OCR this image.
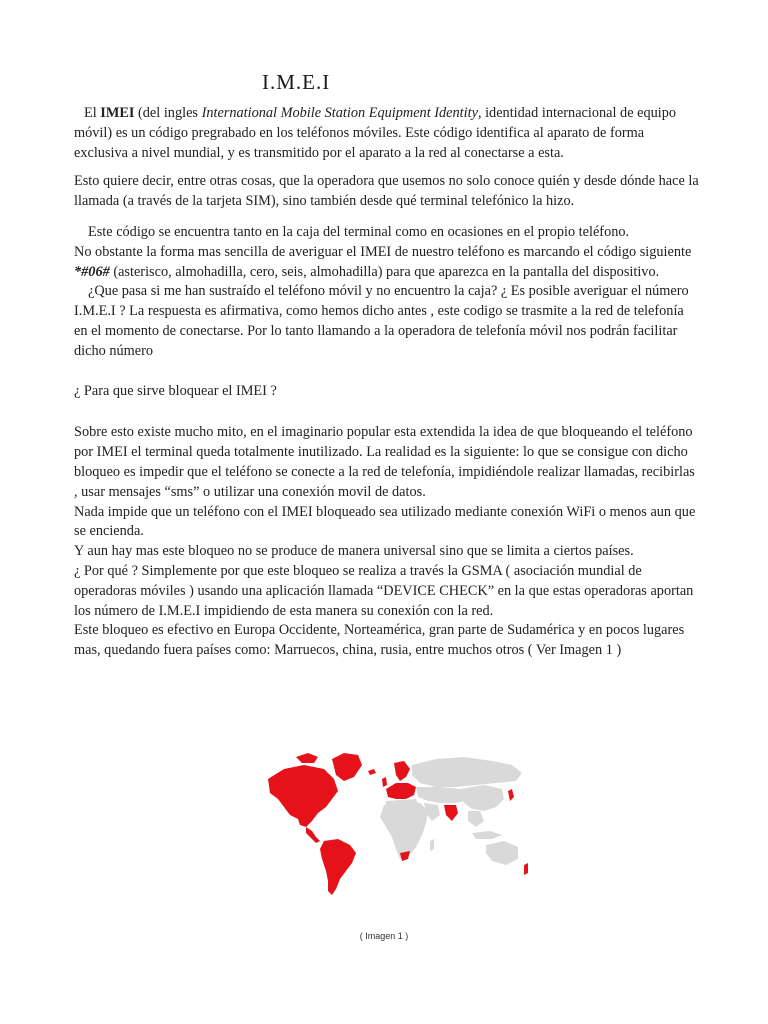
I.M.E.I

El IMEI (del ingles International Mobile Station Equipment Identity, identidad internacional de equipo móvil) es un código pregrabado en los teléfonos móviles. Este código identifica al aparato de forma exclusiva a nivel mundial, y es transmitido por el aparato a la red al conectarse a esta.

Esto quiere decir, entre otras cosas, que la operadora que usemos no solo conoce quién y desde dónde hace la llamada (a través de la tarjeta SIM), sino también desde qué terminal telefónico la hizo.

Este código se encuentra tanto en la caja del terminal como en ocasiones en el propio teléfono.

No obstante la forma mas sencilla de averiguar el IMEI de nuestro teléfono es marcando el código siguiente *#06# (asterisco, almohadilla, cero, seis, almohadilla) para que aparezca en la pantalla del dispositivo.

¿Que pasa si me han sustraído el teléfono móvil y no encuentro la caja? ¿ Es posible averiguar el número I.M.E.I ? La respuesta es afirmativa, como hemos dicho antes , este codigo se trasmite a la red de telefonía en el momento de conectarse. Por lo tanto llamando a la operadora de telefonía móvil nos podrán facilitar dicho número

¿ Para que sirve bloquear el IMEI ?

Sobre esto existe mucho mito, en el imaginario popular esta extendida la idea de que bloqueando el teléfono por IMEI el terminal queda totalmente inutilizado. La realidad es la siguiente: lo que se consigue con dicho bloqueo es impedir que el teléfono se conecte a la red de telefonía, impidiéndole realizar llamadas, recibirlas , usar mensajes “sms” o utilizar una conexión movil de datos.

Nada impide que un teléfono con el IMEI bloqueado sea utilizado mediante conexión WiFi o menos aun que se encienda.

Y aun hay mas este bloqueo no se produce de manera universal sino que se limita a ciertos países.

¿ Por qué ? Simplemente por que este bloqueo se realiza a través la GSMA ( asociación mundial de operadoras móviles ) usando una aplicación llamada “DEVICE CHECK” en la que estas operadoras aportan los número de I.M.E.I impidiendo de esta manera su conexión con la red.

Este bloqueo es efectivo en Europa Occidente, Norteamérica, gran parte de Sudamérica y en pocos lugares mas, quedando fuera países como: Marruecos, china, rusia, entre muchos otros ( Ver Imagen 1 )

( Imagen 1 )
